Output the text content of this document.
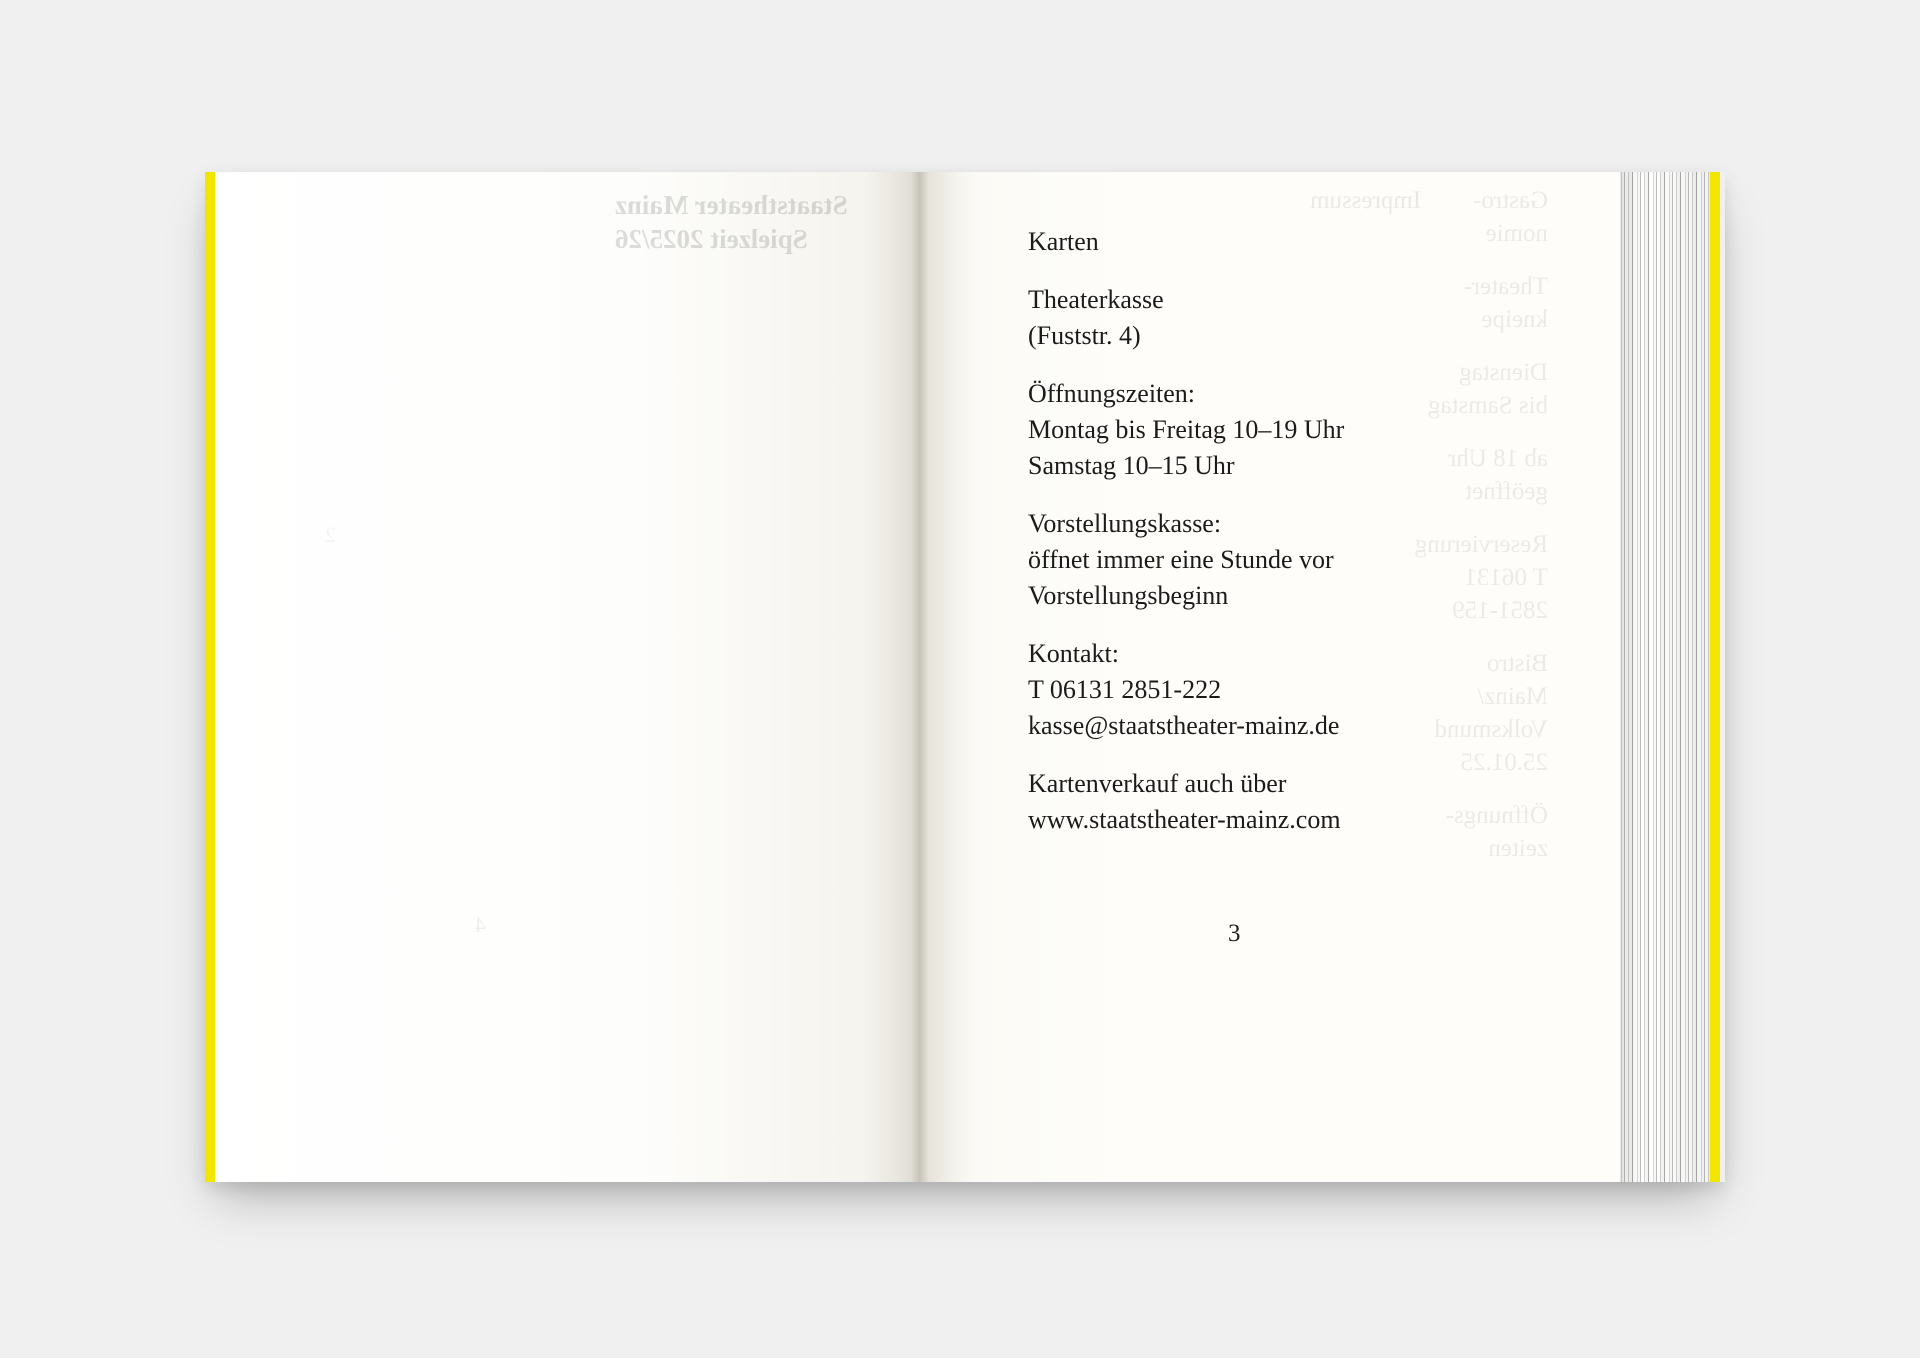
Staatstheater Mainz
Spielzeit 2025/26
2
4
Gastro-
nomie
Theater-
kneipe
Dienstag
bis Samstag
ab 18 Uhr
geöffnet
Reservierung
T 06131
2851-159
Bistro
Mainz/
Volksmund
25.01.25
Öffnungs-
zeiten
Impressum
Karten
Theaterkasse
(Fuststr. 4)
Öffnungszeiten:
Montag bis Freitag 10–19 Uhr
Samstag 10–15 Uhr
Vorstellungskasse:
öffnet immer eine Stunde vor
Vorstellungsbeginn
Kontakt:
T 06131 2851-222
kasse@staatstheater-mainz.de
Kartenverkauf auch über
www.staatstheater-mainz.com
3
